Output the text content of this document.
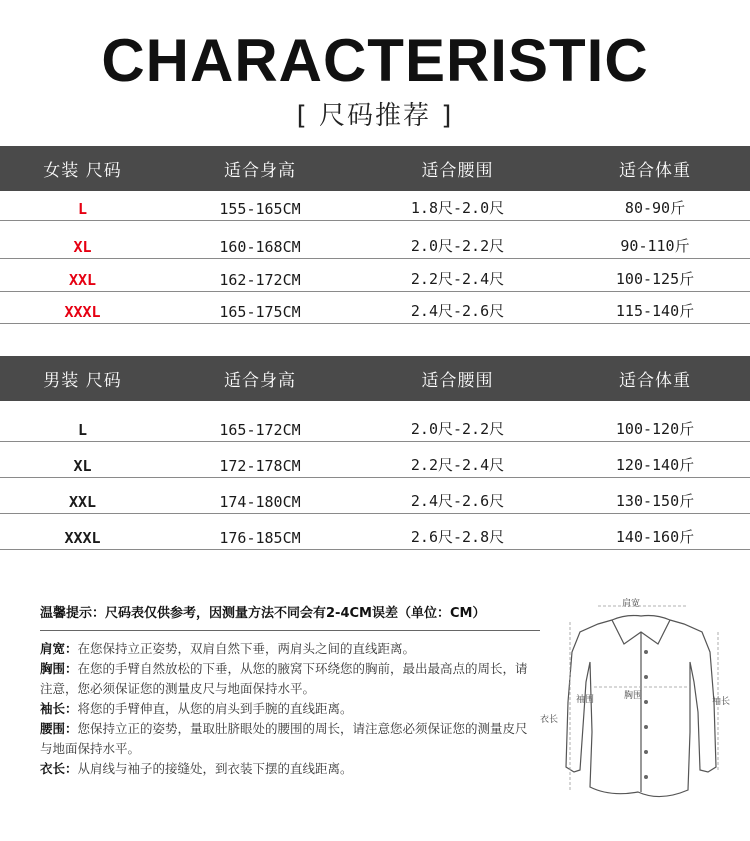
CHARACTERISTIC
[ 尺码推荐 ]
女装 尺码	适合身高	适合腰围	适合体重
L	155-165CM	1.8尺-2.0尺	80-90斤
XL	160-168CM	2.0尺-2.2尺	90-110斤
XXL	162-172CM	2.2尺-2.4尺	100-125斤
XXXL	165-175CM	2.4尺-2.6尺	115-140斤
男装 尺码	适合身高	适合腰围	适合体重
L	165-172CM	2.0尺-2.2尺	100-120斤
XL	172-178CM	2.2尺-2.4尺	120-140斤
XXL	174-180CM	2.4尺-2.6尺	130-150斤
XXXL	176-185CM	2.6尺-2.8尺	140-160斤

温馨提示：尺码表仅供参考，因测量方法不同会有2-4CM误差（单位：CM）

肩宽：在您保持立正姿势，双肩自然下垂，两肩头之间的直线距离。

胸围：在您的手臂自然放松的下垂，从您的腋窝下环绕您的胸前，最出最高点的周长，请注意，您必须保证您的测量皮尺与地面保持水平。

袖长：将您的手臂伸直，从您的肩头到手腕的直线距离。

腰围：您保持立正的姿势，量取肚脐眼处的腰围的周长，请注意您必须保证您的测量皮尺与地面保持水平。

衣长：从肩线与袖子的接缝处，到衣装下摆的直线距离。

肩宽
袖围	胸围
袖长
衣长
